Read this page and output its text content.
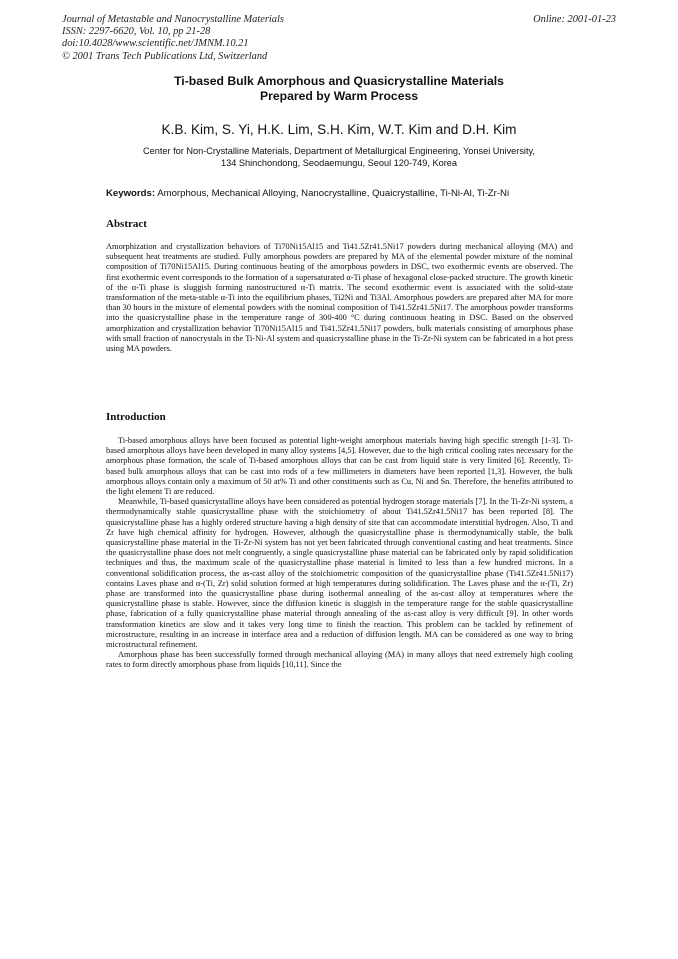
Journal of Metastable and Nanocrystalline Materials
ISSN: 2297-6620, Vol. 10, pp 21-28
doi:10.4028/www.scientific.net/JMNM.10.21
© 2001 Trans Tech Publications Ltd, Switzerland
Online: 2001-01-23
Ti-based Bulk Amorphous and Quasicrystalline Materials
Prepared by Warm Process
K.B. Kim, S. Yi, H.K. Lim, S.H. Kim, W.T. Kim and D.H. Kim
Center for Non-Crystalline Materials, Department of Metallurgical Engineering, Yonsei University,
134 Shinchondong, Seodaemungu, Seoul 120-749, Korea
Keywords: Amorphous, Mechanical Alloying, Nanocrystalline, Quaicrystalline, Ti-Ni-Al, Ti-Zr-Ni
Abstract

Amorphization and crystallization behaviors of Ti70Ni15Al15 and Ti41.5Zr41.5Ni17 powders during mechanical alloying (MA) and subsequent heat treatments are studied. Fully amorphous powders are prepared by MA of the elemental powder mixture of the nominal composition of Ti70Ni15Al15. During continuous heating of the amorphous powders in DSC, two exothermic events are observed. The first exothermic event corresponds to the formation of a supersaturated α-Ti phase of hexagonal close-packed structure. The growth kinetic of the α-Ti phase is sluggish forming nanostructured α-Ti matrix. The second exothermic event is associated with the solid-state transformation of the meta-stable α-Ti into the equilibrium phases, Ti2Ni and Ti3Al. Amorphous powders are prepared after MA for more than 30 hours in the mixture of elemental powders with the nominal composition of Ti41.5Zr41.5Ni17. The amorphous powder transforms into the quasicrystalline phase in the temperature range of 300-400 °C during continuous heating in DSC. Based on the observed amorphization and crystallization behavior Ti70Ni15Al15 and Ti41.5Zr41.5Ni17 powders, bulk materials consisting of amorphous phase with small fraction of nanocrystals in the Ti-Ni-Al system and quasicrystalline phase in the Ti-Zr-Ni system can be fabricated in a hot press using MA powders.

Introduction

Ti-based amorphous alloys have been focused as potential light-weight amorphous materials having high specific strength [1-3]. Ti-based amorphous alloys have been developed in many alloy systems [4,5]. However, due to the high critical cooling rates necessary for the amorphous phase formation, the scale of Ti-based amorphous alloys that can be cast from liquid state is very limited [6]. Recently, Ti-based bulk amorphous alloys that can be cast into rods of a few millimeters in diameters have been reported [1,3]. However, the bulk amorphous alloys contain only a maximum of 50 at% Ti and other constituents such as Cu, Ni and Sn. Therefore, the benefits attributed to the light element Ti are reduced.

Meanwhile, Ti-based quasicrystalline alloys have been considered as potential hydrogen storage materials [7]. In the Ti-Zr-Ni system, a thermodynamically stable quasicrystalline phase with the stoichiometry of about Ti41.5Zr41.5Ni17 has been reported [8]. The quasicrystalline phase has a highly ordered structure having a high density of site that can accommodate interstitial hydrogen. Also, Ti and Zr have high chemical affinity for hydrogen. However, although the quasicrystalline phase is thermodynamically stable, the bulk quasicrystalline phase material in the Ti-Zr-Ni system has not yet been fabricated through conventional casting and heat treatments. Since the quasicrystalline phase does not melt congruently, a single quasicrystalline phase material can be fabricated only by rapid solidification techniques and thus, the maximum scale of the quasicrystalline phase material is limited to less than a few hundred microns. In a conventional solidification process, the as-cast alloy of the stoichiometric composition of the quasicrystalline phase (Ti41.5Zr41.5Ni17) contains Laves phase and α-(Ti, Zr) solid solution formed at high temperatures during solidification. The Laves phase and the α-(Ti, Zr) phase are transformed into the quasicrystalline phase during isothermal annealing of the as-cast alloy at temperatures where the quasicrystalline phase is stable. However, since the diffusion kinetic is sluggish in the temperature range for the stable quasicrystalline phase, fabrication of a fully quasicrystalline phase material through annealing of the as-cast alloy is very difficult [9]. In other words transformation kinetics are slow and it takes very long time to finish the reaction. This problem can be tackled by refinement of microstructure, resulting in an increase in interface area and a reduction of diffusion length. MA can be considered as one way to bring microstructural refinement.

Amorphous phase has been successfully formed through mechanical alloying (MA) in many alloys that need extremely high cooling rates to form directly amorphous phase from liquids [10,11]. Since the
